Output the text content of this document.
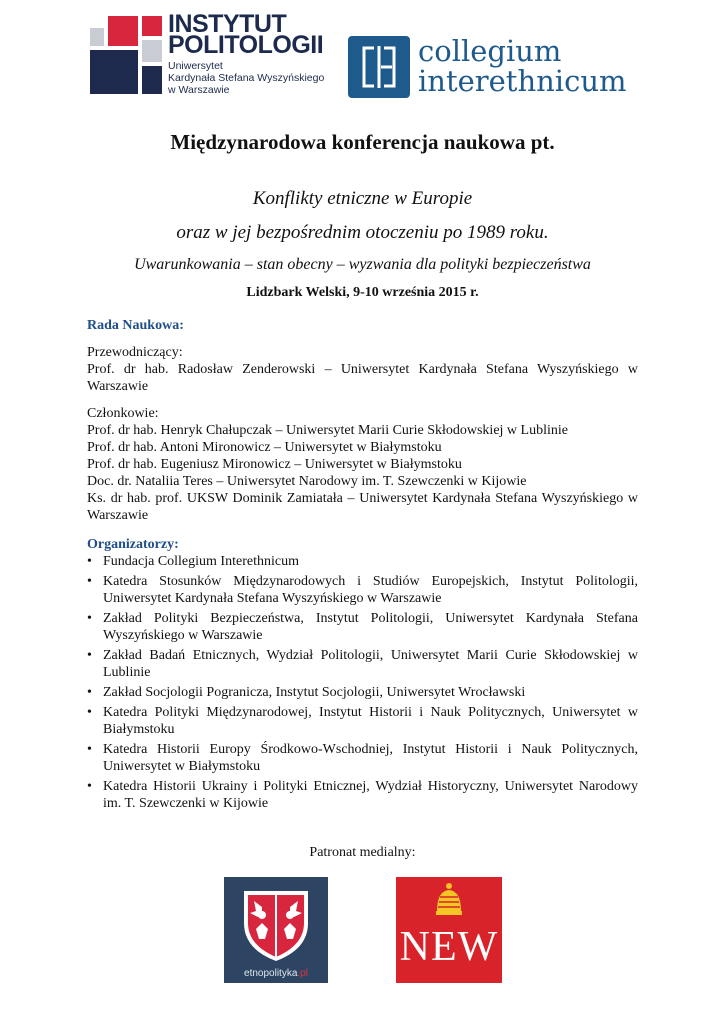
INSTYTUT
POLITOLOGII
Uniwersytet
Kardynała Stefana Wyszyńskiego
w Warszawie
collegium
interethnicum
Międzynarodowa konferencja naukowa pt.
Konflikty etniczne w Europie
oraz w jej bezpośrednim otoczeniu po 1989 roku.
Uwarunkowania – stan obecny – wyzwania dla polityki bezpieczeństwa
Lidzbark Welski, 9-10 września 2015 r.
Rada Naukowa:

Przewodniczący:

Prof. dr hab. Radosław Zenderowski – Uniwersytet Kardynała Stefana Wyszyńskiego w Warszawie

Członkowie:

Prof. dr hab. Henryk Chałupczak – Uniwersytet Marii Curie Skłodowskiej w Lublinie

Prof. dr hab. Antoni Mironowicz – Uniwersytet w Białymstoku

Prof. dr hab. Eugeniusz Mironowicz – Uniwersytet w Białymstoku

Doc. dr. Nataliia Teres – Uniwersytet Narodowy im. T. Szewczenki w Kijowie

Ks. dr hab. prof. UKSW Dominik Zamiatała – Uniwersytet Kardynała Stefana Wyszyńskiego w Warszawie

Organizatorzy:
• Fundacja Collegium Interethnicum
• Katedra Stosunków Międzynarodowych i Studiów Europejskich, Instytut Politologii, Uniwersytet Kardynała Stefana Wyszyńskiego w Warszawie
• Zakład Polityki Bezpieczeństwa, Instytut Politologii, Uniwersytet Kardynała Stefana Wyszyńskiego w Warszawie
• Zakład Badań Etnicznych, Wydział Politologii, Uniwersytet Marii Curie Skłodowskiej w Lublinie
• Zakład Socjologii Pogranicza, Instytut Socjologii, Uniwersytet Wrocławski
• Katedra Polityki Międzynarodowej, Instytut Historii i Nauk Politycznych, Uniwersytet w Białymstoku
• Katedra Historii Europy Środkowo-Wschodniej, Instytut Historii i Nauk Politycznych, Uniwersytet w Białymstoku
• Katedra Historii Ukrainy i Polityki Etnicznej, Wydział Historyczny, Uniwersytet Narodowy im. T. Szewczenki w Kijowie
Patronat medialny:
etnopolityka.pl
NEW
